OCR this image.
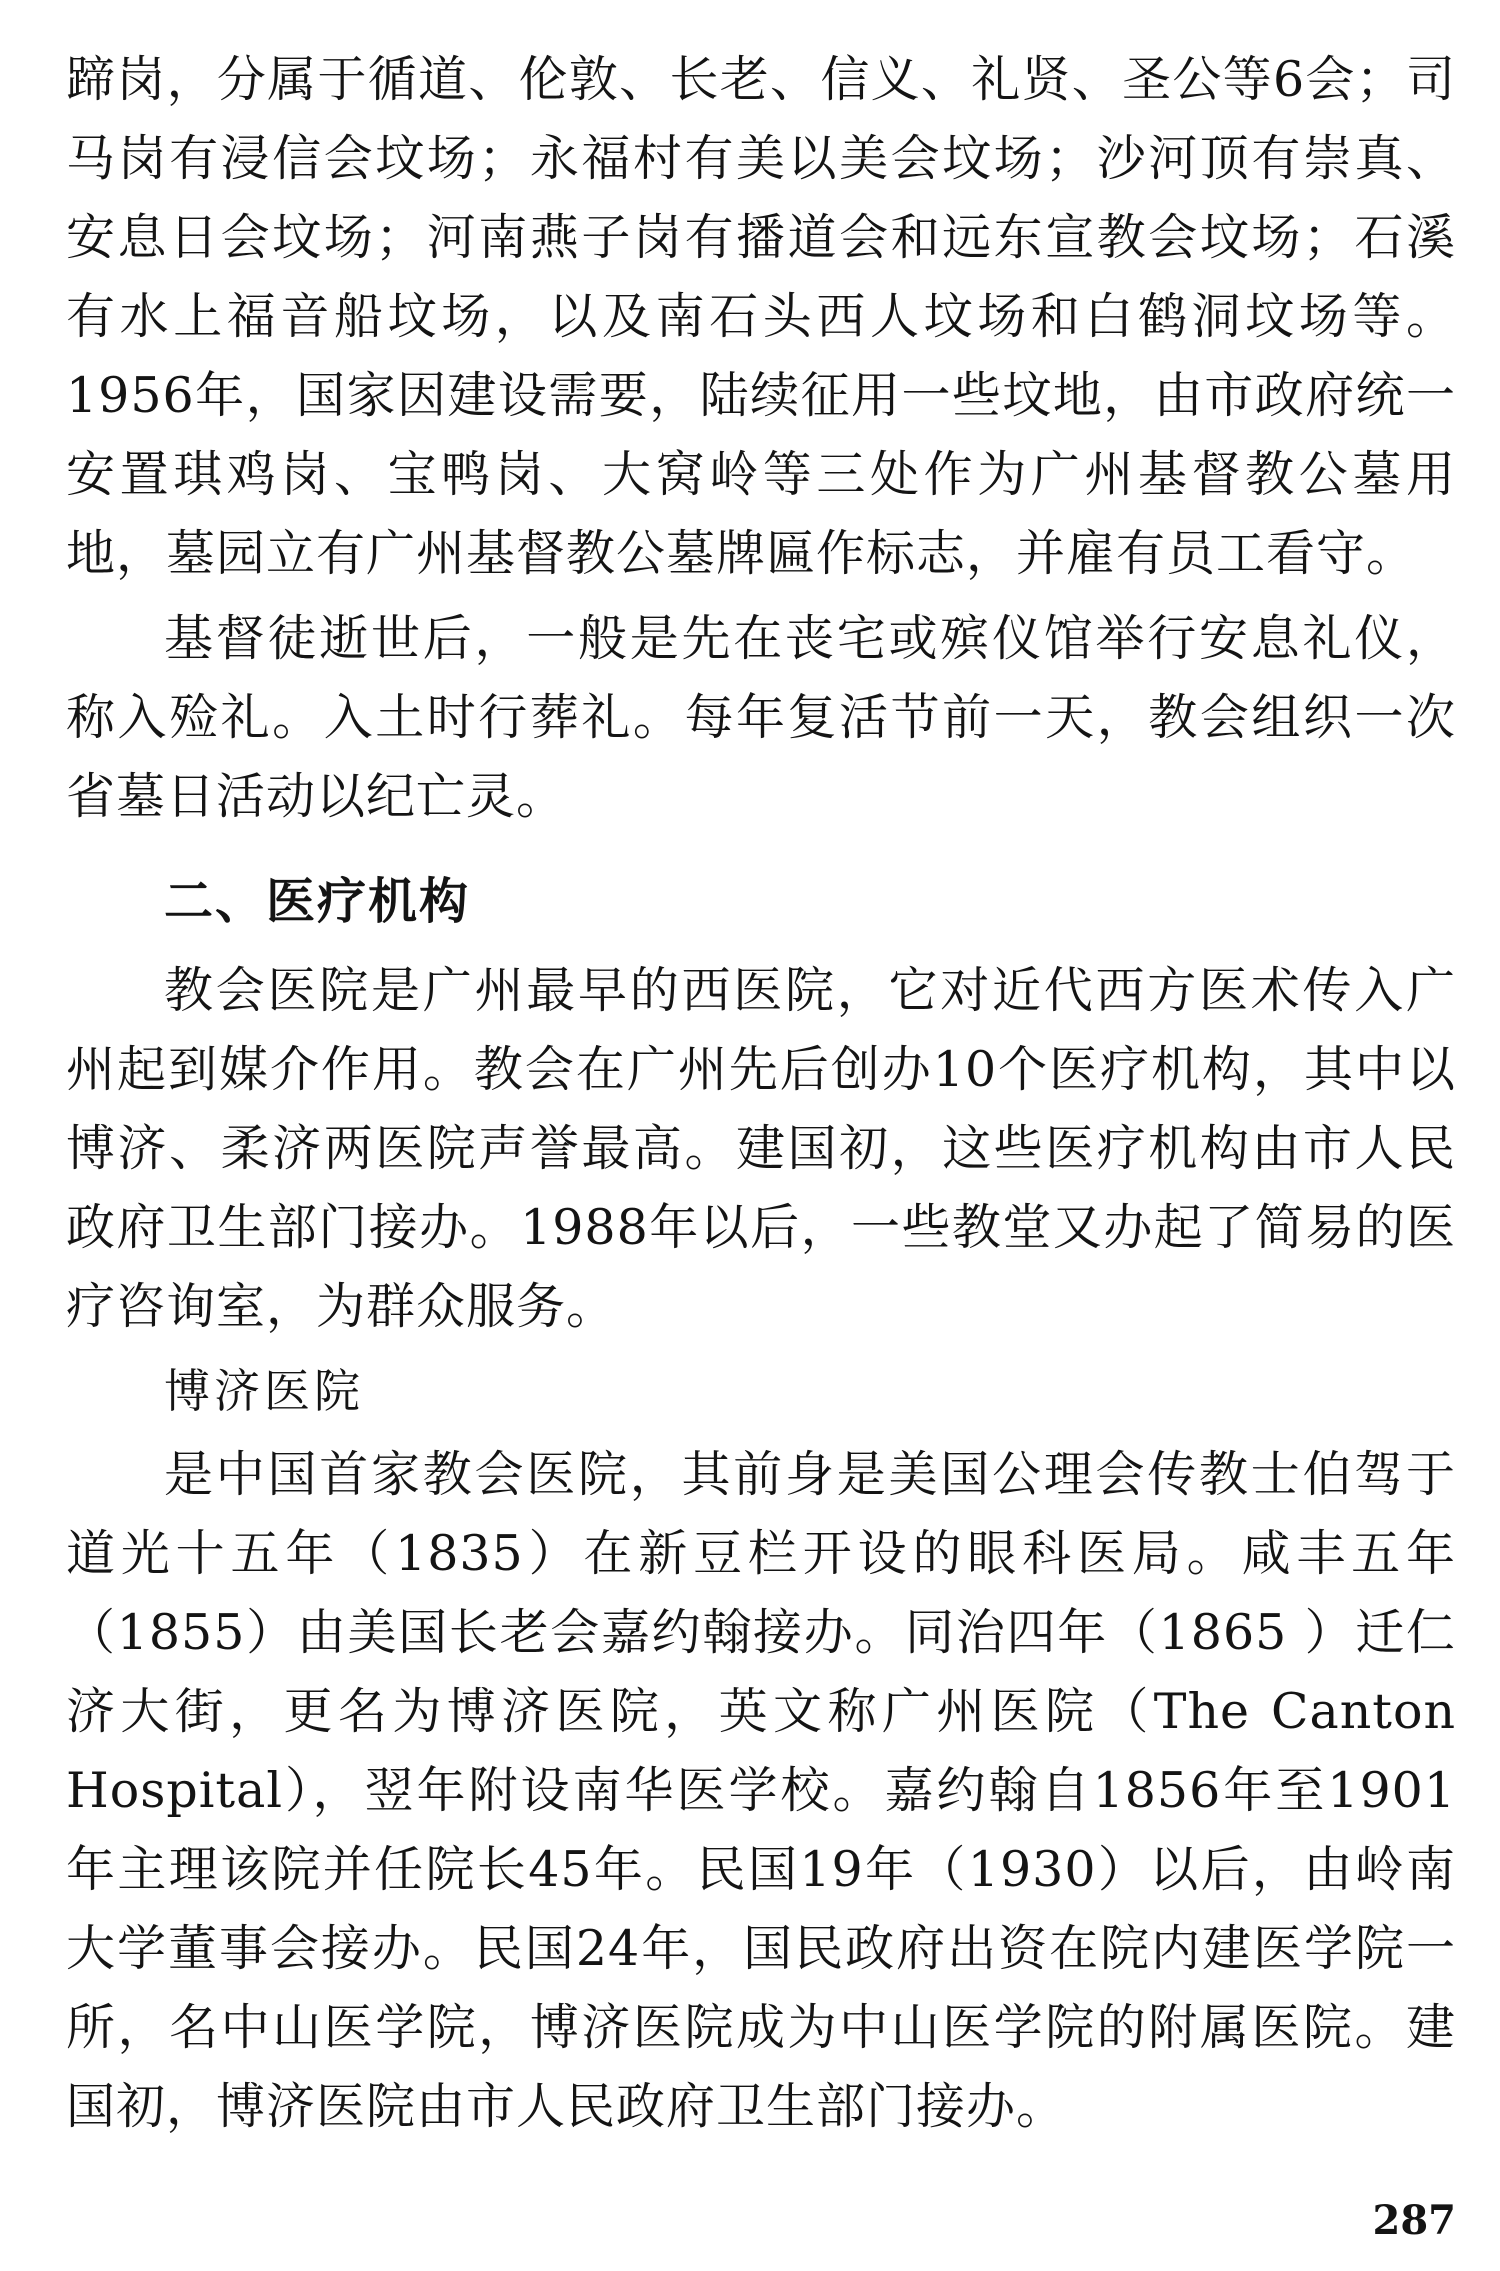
蹄岗，分属于循道、伦敦、长老、信义、礼贤、圣公等6会；司马岗有浸信会坟场；永福村有美以美会坟场；沙河顶有崇真、安息日会坟场；河南燕子岗有播道会和远东宣教会坟场；石溪有水上福音船坟场，以及南石头西人坟场和白鹤洞坟场等。1956年，国家因建设需要，陆续征用一些坟地，由市政府统一安置琪鸡岗、宝鸭岗、大窝岭等三处作为广州基督教公墓用地，墓园立有广州基督教公墓牌匾作标志，并雇有员工看守。

基督徒逝世后，一般是先在丧宅或殡仪馆举行安息礼仪，称入殓礼。入土时行葬礼。每年复活节前一天，教会组织一次省墓日活动以纪亡灵。

二、医疗机构

教会医院是广州最早的西医院，它对近代西方医术传入广州起到媒介作用。教会在广州先后创办10个医疗机构，其中以博济、柔济两医院声誉最高。建国初，这些医疗机构由市人民政府卫生部门接办。1988年以后，一些教堂又办起了简易的医疗咨询室，为群众服务。

博济医院

是中国首家教会医院，其前身是美国公理会传教士伯驾于道光十五年（1835）在新豆栏开设的眼科医局。咸丰五年（1855）由美国长老会嘉约翰接办。同治四年（1865 ）迁仁济大街，更名为博济医院，英文称广州医院（The Canton Hospital），翌年附设南华医学校。嘉约翰自1856年至1901年主理该院并任院长45年。民国19年（1930）以后，由岭南大学董事会接办。民国24年，国民政府出资在院内建医学院一所，名中山医学院，博济医院成为中山医学院的附属医院。建国初，博济医院由市人民政府卫生部门接办。

287
